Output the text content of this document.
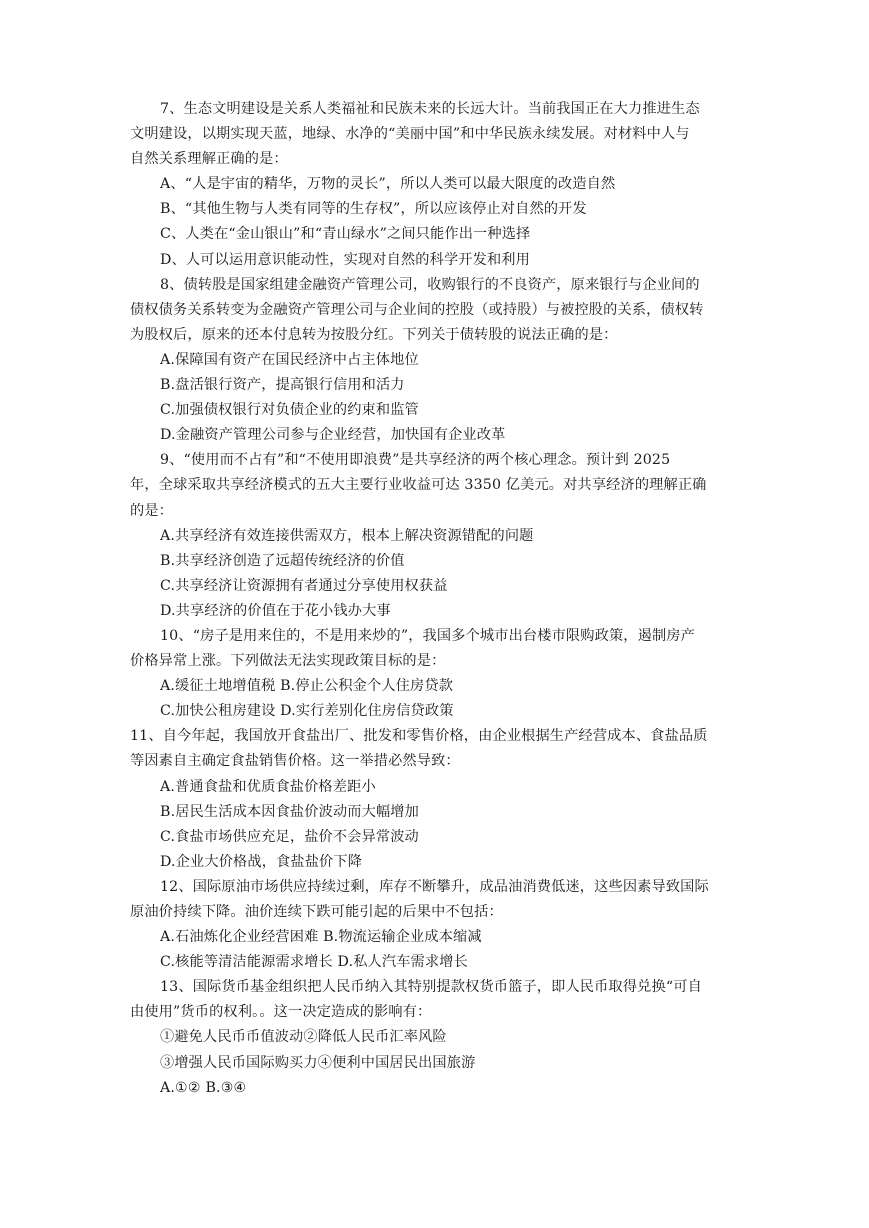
7、生态文明建设是关系人类福祉和民族未来的长远大计。当前我国正在大力推进生态
文明建设，以期实现天蓝，地绿、水净的“美丽中国”和中华民族永续发展。对材料中人与
自然关系理解正确的是：
A、“人是宇宙的精华，万物的灵长”，所以人类可以最大限度的改造自然
B、“其他生物与人类有同等的生存权”，所以应该停止对自然的开发
C、人类在“金山银山”和“青山绿水”之间只能作出一种选择
D、人可以运用意识能动性，实现对自然的科学开发和利用
8、债转股是国家组建金融资产管理公司，收购银行的不良资产，原来银行与企业间的
债权债务关系转变为金融资产管理公司与企业间的控股（或持股）与被控股的关系，债权转
为股权后，原来的还本付息转为按股分红。下列关于债转股的说法正确的是：
A.保障国有资产在国民经济中占主体地位
B.盘活银行资产，提高银行信用和活力
C.加强债权银行对负债企业的约束和监管
D.金融资产管理公司参与企业经营，加快国有企业改革
9、“使用而不占有”和“不使用即浪费”是共享经济的两个核心理念。预计到 2025
年，全球采取共享经济模式的五大主要行业收益可达 3350 亿美元。对共享经济的理解正确
的是：
A.共享经济有效连接供需双方，根本上解决资源错配的问题
B.共享经济创造了远超传统经济的价值
C.共享经济让资源拥有者通过分享使用权获益
D.共享经济的价值在于花小钱办大事
10、“房子是用来住的，不是用来炒的”，我国多个城市出台楼市限购政策，遏制房产
价格异常上涨。下列做法无法实现政策目标的是：
A.缓征土地增值税 B.停止公积金个人住房贷款
C.加快公租房建设 D.实行差别化住房信贷政策
11、自今年起，我国放开食盐出厂、批发和零售价格，由企业根据生产经营成本、食盐品质
等因素自主确定食盐销售价格。这一举措必然导致：
A.普通食盐和优质食盐价格差距小
B.居民生活成本因食盐价波动而大幅增加
C.食盐市场供应充足，盐价不会异常波动
D.企业大价格战，食盐盐价下降
12、国际原油市场供应持续过剩，库存不断攀升，成品油消费低迷，这些因素导致国际
原油价持续下降。油价连续下跌可能引起的后果中不包括：
A.石油炼化企业经营困难 B.物流运输企业成本缩减
C.核能等清洁能源需求增长 D.私人汽车需求增长
13、国际货币基金组织把人民币纳入其特别提款权货币篮子，即人民币取得兑换“可自
由使用”货币的权利。。这一决定造成的影响有：
①避免人民币币值波动②降低人民币汇率风险
③增强人民币国际购买力④便利中国居民出国旅游
A.①② B.③④
